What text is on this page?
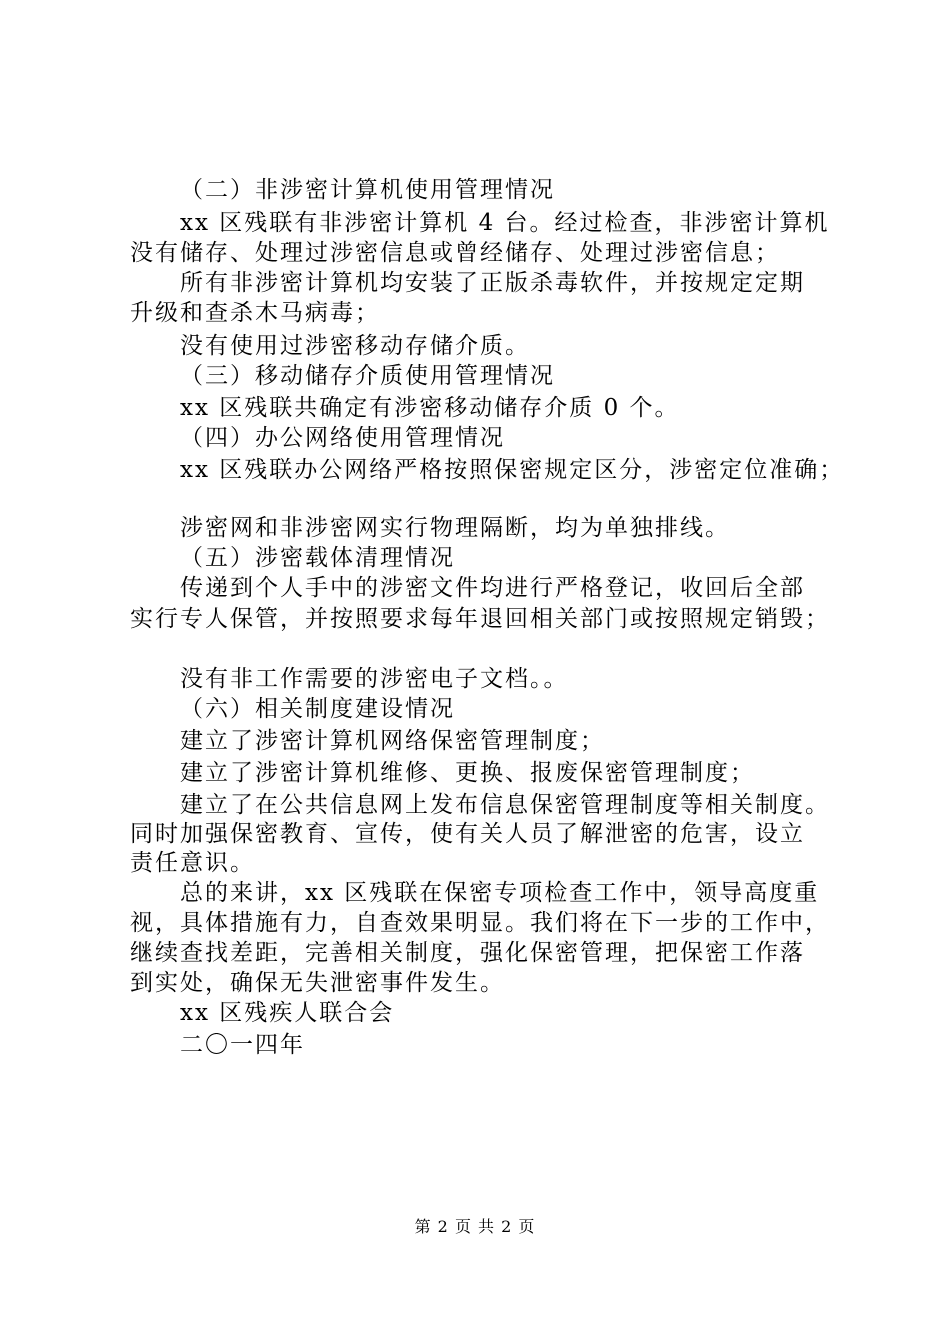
（二）非涉密计算机使用管理情况

xx 区残联有非涉密计算机 4 台。经过检查，非涉密计算机

没有储存、处理过涉密信息或曾经储存、处理过涉密信息；

所有非涉密计算机均安装了正版杀毒软件，并按规定定期

升级和查杀木马病毒；

没有使用过涉密移动存储介质。

（三）移动储存介质使用管理情况

xx 区残联共确定有涉密移动储存介质 0 个。

（四）办公网络使用管理情况

xx 区残联办公网络严格按照保密规定区分，涉密定位准确；

涉密网和非涉密网实行物理隔断，均为单独排线。

（五）涉密载体清理情况

传递到个人手中的涉密文件均进行严格登记，收回后全部

实行专人保管，并按照要求每年退回相关部门或按照规定销毁；

没有非工作需要的涉密电子文档。。

（六）相关制度建设情况

建立了涉密计算机网络保密管理制度；

建立了涉密计算机维修、更换、报废保密管理制度；

建立了在公共信息网上发布信息保密管理制度等相关制度。

同时加强保密教育、宣传，使有关人员了解泄密的危害，设立

责任意识。

总的来讲，xx 区残联在保密专项检查工作中，领导高度重

视，具体措施有力，自查效果明显。我们将在下一步的工作中，

继续查找差距，完善相关制度，强化保密管理，把保密工作落

到实处，确保无失泄密事件发生。

xx 区残疾人联合会

二〇一四年

第 2 页 共 2 页
